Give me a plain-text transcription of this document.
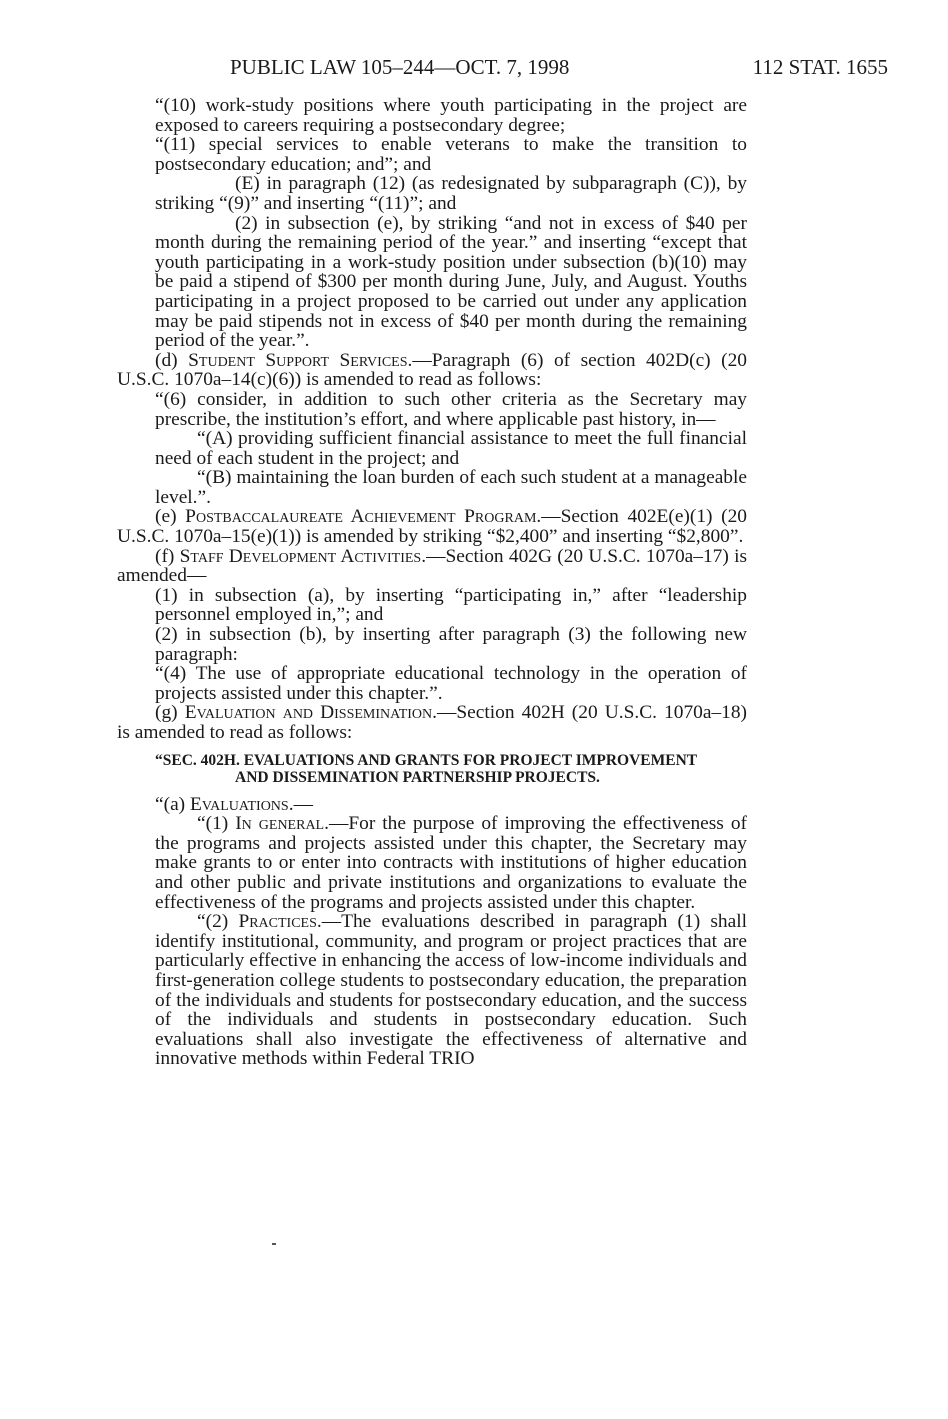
PUBLIC LAW 105–244—OCT. 7, 1998	112 STAT. 1655

“(10) work-study positions where youth participating in the project are exposed to careers requiring a postsecondary degree;

“(11) special services to enable veterans to make the transition to postsecondary education; and”; and

(E) in paragraph (12) (as redesignated by subparagraph (C)), by striking “(9)” and inserting “(11)”; and

(2) in subsection (e), by striking “and not in excess of $40 per month during the remaining period of the year.” and inserting “except that youth participating in a work-study position under subsection (b)(10) may be paid a stipend of $300 per month during June, July, and August. Youths participating in a project proposed to be carried out under any application may be paid stipends not in excess of $40 per month during the remaining period of the year.”.

(d) Student Support Services.—Paragraph (6) of section 402D(c) (20 U.S.C. 1070a–14(c)(6)) is amended to read as follows:

“(6) consider, in addition to such other criteria as the Secretary may prescribe, the institution’s effort, and where applicable past history, in—

“(A) providing sufficient financial assistance to meet the full financial need of each student in the project; and

“(B) maintaining the loan burden of each such student at a manageable level.”.

(e) Postbaccalaureate Achievement Program.—Section 402E(e)(1) (20 U.S.C. 1070a–15(e)(1)) is amended by striking “$2,400” and inserting “$2,800”.

(f) Staff Development Activities.—Section 402G (20 U.S.C. 1070a–17) is amended—

(1) in subsection (a), by inserting “participating in,” after “leadership personnel employed in,”; and

(2) in subsection (b), by inserting after paragraph (3) the following new paragraph:

“(4) The use of appropriate educational technology in the operation of projects assisted under this chapter.”.

(g) Evaluation and Dissemination.—Section 402H (20 U.S.C. 1070a–18) is amended to read as follows:

“SEC. 402H. EVALUATIONS AND GRANTS FOR PROJECT IMPROVEMENT
AND DISSEMINATION PARTNERSHIP PROJECTS.

“(a) Evaluations.—

“(1) In general.—For the purpose of improving the effectiveness of the programs and projects assisted under this chapter, the Secretary may make grants to or enter into contracts with institutions of higher education and other public and private institutions and organizations to evaluate the effectiveness of the programs and projects assisted under this chapter.

“(2) Practices.—The evaluations described in paragraph (1) shall identify institutional, community, and program or project practices that are particularly effective in enhancing the access of low-income individuals and first-generation college students to postsecondary education, the preparation of the individuals and students for postsecondary education, and the success of the individuals and students in postsecondary education. Such evaluations shall also investigate the effectiveness of alternative and innovative methods within Federal TRIO
